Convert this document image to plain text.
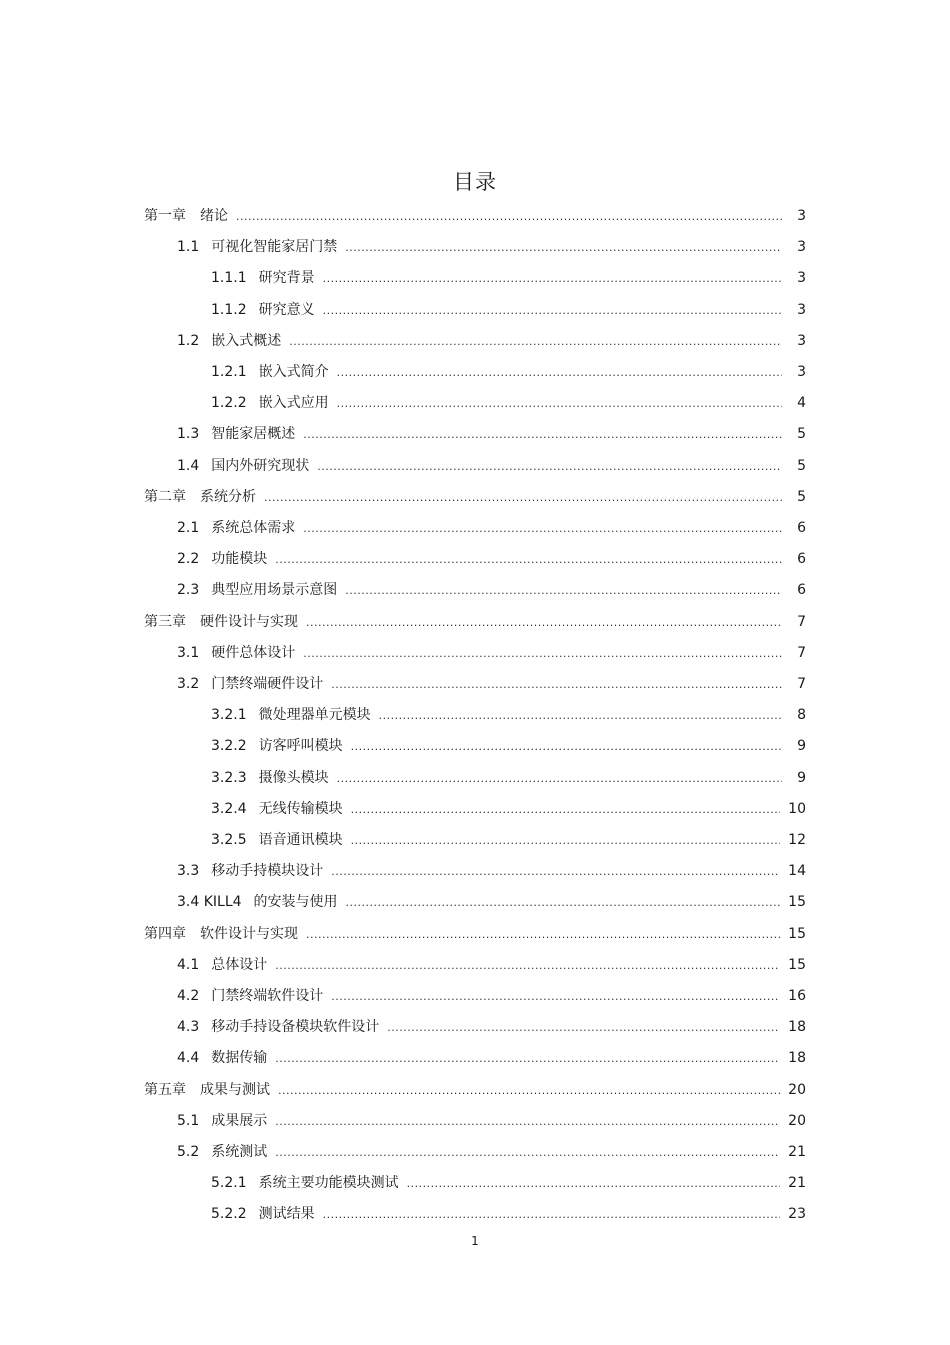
目录
第一章 绪论 .....	3
1.1 可视化智能家居门禁 .....	3
1.1.1 研究背景 .....	3
1.1.2 研究意义 .....	3
1.2 嵌入式概述 .....	3
1.2.1 嵌入式简介 .....	3
1.2.2 嵌入式应用 .....	4
1.3 智能家居概述 .....	5
1.4 国内外研究现状 .....	5
第二章 系统分析 .....	5
2.1 系统总体需求 .....	6
2.2 功能模块 .....	6
2.3 典型应用场景示意图 .....	6
第三章 硬件设计与实现 .....	7
3.1 硬件总体设计 .....	7
3.2 门禁终端硬件设计 .....	7
3.2.1 微处理器单元模块 .....	8
3.2.2 访客呼叫模块 .....	9
3.2.3 摄像头模块 .....	9
3.2.4 无线传输模块 .....	10
3.2.5 语音通讯模块 .....	12
3.3 移动手持模块设计 .....	14
3.4 KILL4 的安装与使用 .....	15
第四章 软件设计与实现 .....	15
4.1 总体设计 .....	15
4.2 门禁终端软件设计 .....	16
4.3 移动手持设备模块软件设计 .....	18
4.4 数据传输 .....	18
第五章 成果与测试 .....	20
5.1 成果展示 .....	20
5.2 系统测试 .....	21
5.2.1 系统主要功能模块测试 .....	21
5.2.2 测试结果 .....	23
1
